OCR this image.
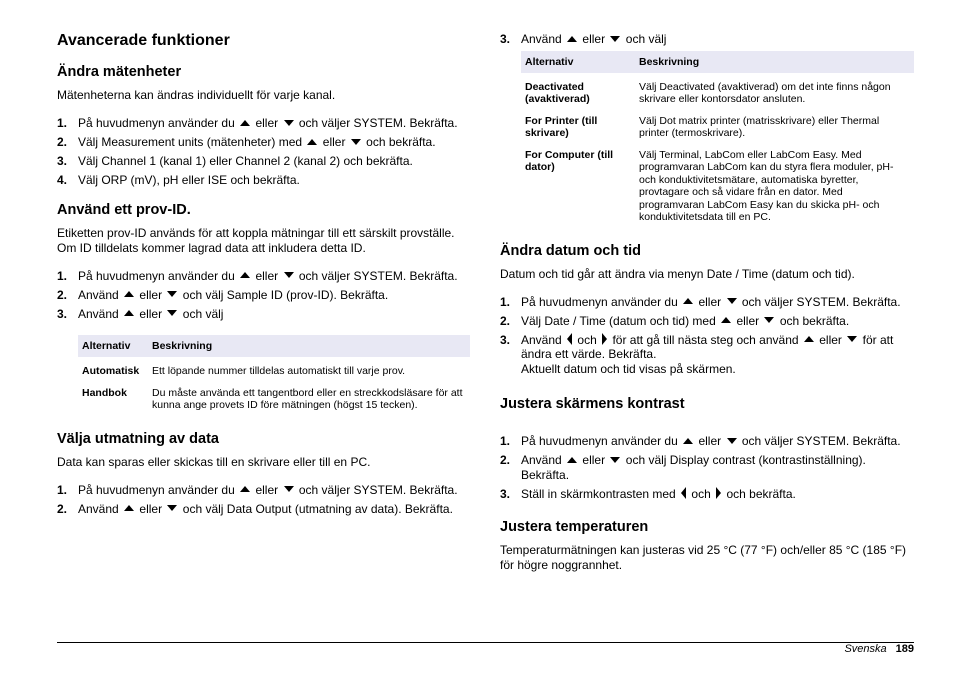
Avancerade funktioner
Ändra mätenheter

Mätenheterna kan ändras individuellt för varje kanal.

1. På huvudmenyn använder du eller och väljer SYSTEM. Bekräfta.
2. Välj Measurement units (mätenheter) med eller och bekräfta.
3. Välj Channel 1 (kanal 1) eller Channel 2 (kanal 2) och bekräfta.
4. Välj ORP (mV), pH eller ISE och bekräfta.
Använd ett prov-ID.

Etiketten prov-ID används för att koppla mätningar till ett särskilt provställe. Om ID tilldelats kommer lagrad data att inkludera detta ID.

1. På huvudmenyn använder du eller och väljer SYSTEM. Bekräfta.
2. Använd eller och välj Sample ID (prov-ID). Bekräfta.
3. Använd eller och välj
Alternativ	Beskrivning
Automatisk	Ett löpande nummer tilldelas automatiskt till varje prov.
Handbok	Du måste använda ett tangentbord eller en streckkodsläsare för att kunna ange provets ID före mätningen (högst 15 tecken).
Välja utmatning av data

Data kan sparas eller skickas till en skrivare eller till en PC.

1. På huvudmenyn använder du eller och väljer SYSTEM. Bekräfta.
2. Använd eller och välj Data Output (utmatning av data). Bekräfta.
3. Använd eller och välj
Alternativ	Beskrivning
Deactivated (avaktiverad)	Välj Deactivated (avaktiverad) om det inte finns någon skrivare eller kontorsdator ansluten.
For Printer (till skrivare)	Välj Dot matrix printer (matrisskrivare) eller Thermal printer (termoskrivare).
For Computer (till dator)	Välj Terminal, LabCom eller LabCom Easy. Med programvaran LabCom kan du styra flera moduler, pH- och konduktivitetsmätare, automatiska byretter, provtagare och så vidare från en dator. Med programvaran LabCom Easy kan du skicka pH- och konduktivitetsdata till en PC.
Ändra datum och tid

Datum och tid går att ändra via menyn Date / Time (datum och tid).

1. På huvudmenyn använder du eller och väljer SYSTEM. Bekräfta.
2. Välj Date / Time (datum och tid) med eller och bekräfta.
3. Använd och för att gå till nästa steg och använd eller för att ändra ett värde. Bekräfta.
Aktuellt datum och tid visas på skärmen.
Justera skärmens kontrast
1. På huvudmenyn använder du eller och väljer SYSTEM. Bekräfta.
2. Använd eller och välj Display contrast (kontrastinställning). Bekräfta.
3. Ställ in skärmkontrasten med och och bekräfta.
Justera temperaturen

Temperaturmätningen kan justeras vid 25 °C (77 °F) och/eller 85 °C (185 °F) för högre noggrannhet.

Svenska 189
